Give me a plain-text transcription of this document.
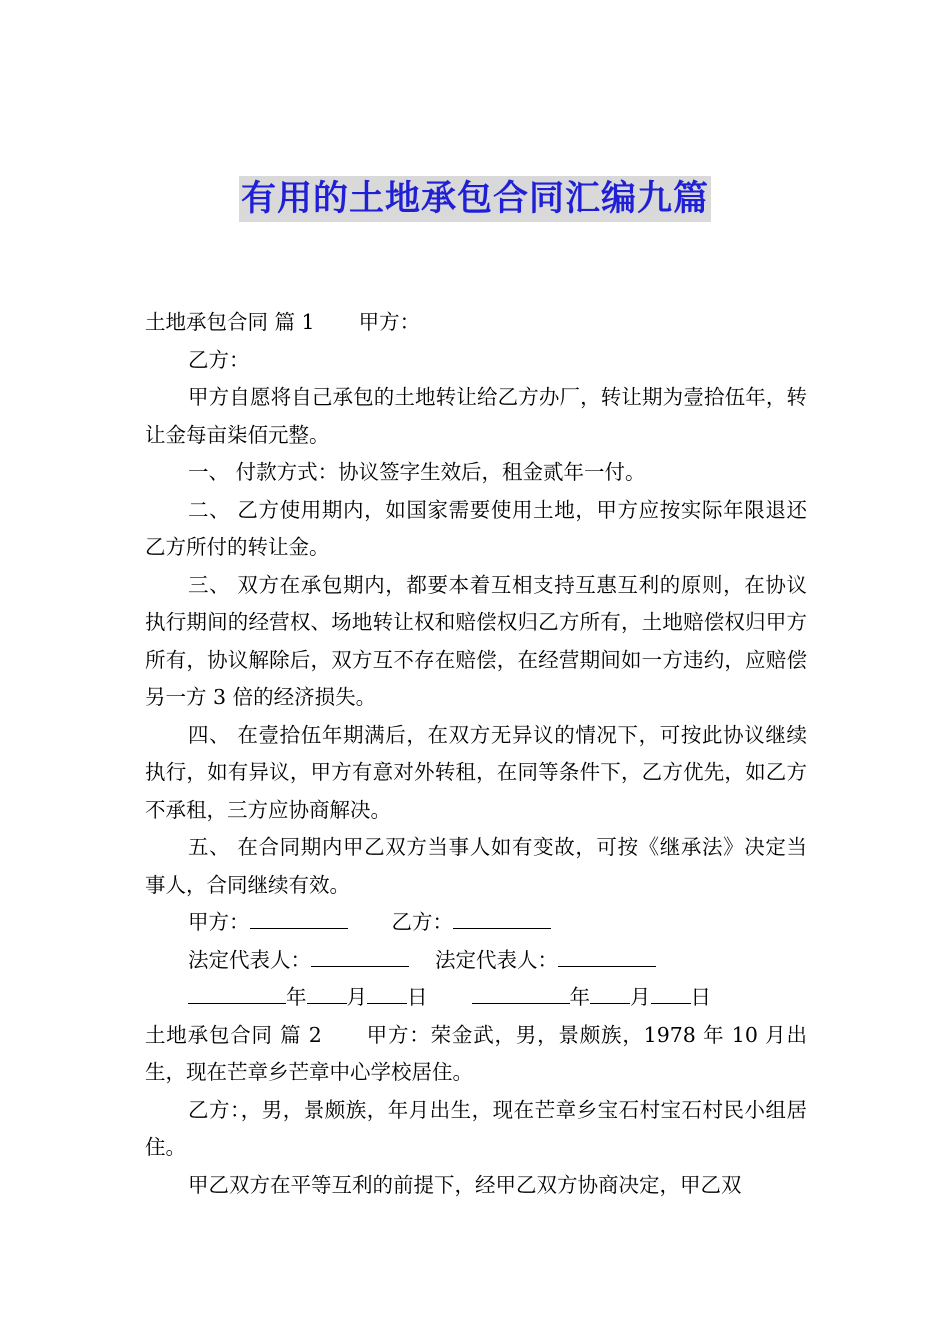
有用的土地承包合同汇编九篇

土地承包合同 篇 1 甲方：

乙方：

甲方自愿将自己承包的土地转让给乙方办厂，转让期为壹拾伍年，转让金每亩柒佰元整。

一、 付款方式：协议签字生效后，租金贰年一付。

二、 乙方使用期内，如国家需要使用土地，甲方应按实际年限退还乙方所付的转让金。

三、 双方在承包期内，都要本着互相支持互惠互利的原则，在协议执行期间的经营权、场地转让权和赔偿权归乙方所有，土地赔偿权归甲方所有，协议解除后，双方互不存在赔偿，在经营期间如一方违约，应赔偿另一方 3 倍的经济损失。

四、 在壹拾伍年期满后，在双方无异议的情况下，可按此协议继续执行，如有异议，甲方有意对外转租，在同等条件下，乙方优先，如乙方不承租，三方应协商解决。

五、 在合同期内甲乙双方当事人如有变故，可按《继承法》决定当事人，合同继续有效。

甲方：	乙方：

法定代表人：	法定代表人：

年 月 日	年 月 日

土地承包合同 篇 2 甲方：荣金武，男，景颇族，1978 年 10 月出生，现在芒章乡芒章中心学校居住。

乙方：，男，景颇族，年月出生，现在芒章乡宝石村宝石村民小组居住。

甲乙双方在平等互利的前提下，经甲乙双方协商决定，甲乙双
